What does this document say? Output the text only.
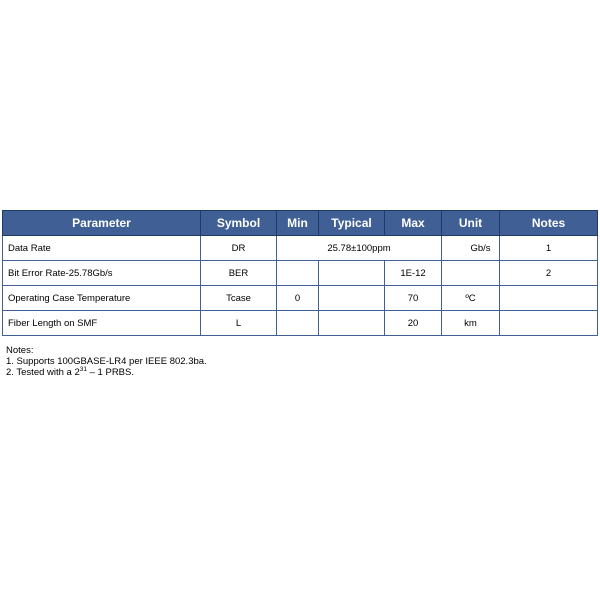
Parameter	Symbol	Min	Typical	Max	Unit	Notes
Data Rate	DR	25.78±100ppm			Gb/s	1
Bit Error Rate-25.78Gb/s	BER			1E-12		2
Operating Case Temperature	Tcase	0		70	ºC	
Fiber Length on SMF	L			20	km	
Notes:
1. Supports 100GBASE-LR4 per IEEE 802.3ba.
2. Tested with a $2^{31} - 1$ PRBS.
